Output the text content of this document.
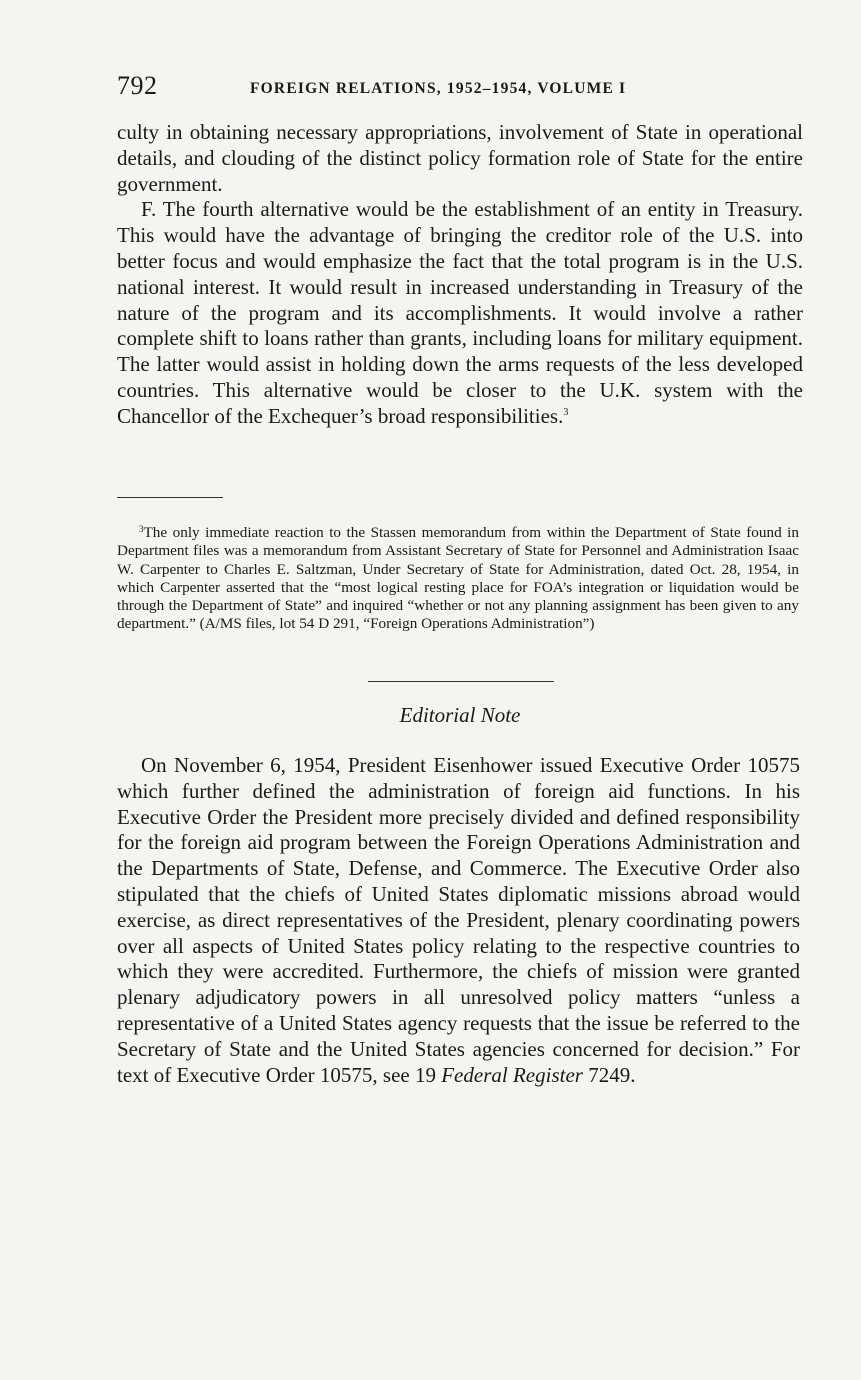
792	FOREIGN RELATIONS, 1952–1954, VOLUME I

culty in obtaining necessary appropriations, involvement of State in operational details, and clouding of the distinct policy formation role of State for the entire government.

F. The fourth alternative would be the establishment of an entity in Treasury. This would have the advantage of bringing the creditor role of the U.S. into better focus and would emphasize the fact that the total program is in the U.S. national interest. It would result in increased understanding in Treasury of the nature of the program and its accomplishments. It would involve a rather complete shift to loans rather than grants, including loans for military equipment. The latter would assist in holding down the arms requests of the less developed countries. This alternative would be closer to the U.K. system with the Chancellor of the Exchequer’s broad responsibilities.$^3$

$^3$The only immediate reaction to the Stassen memorandum from within the Department of State found in Department files was a memorandum from Assistant Secretary of State for Personnel and Administration Isaac W. Carpenter to Charles E. Saltzman, Under Secretary of State for Administration, dated Oct. 28, 1954, in which Carpenter asserted that the “most logical resting place for FOA’s integration or liquidation would be through the Department of State” and inquired “whether or not any planning assignment has been given to any department.” (A/MS files, lot 54 D 291, “Foreign Operations Administration”)

Editorial Note

On November 6, 1954, President Eisenhower issued Executive Order 10575 which further defined the administration of foreign aid functions. In his Executive Order the President more precisely divided and defined responsibility for the foreign aid program between the Foreign Operations Administration and the Departments of State, Defense, and Commerce. The Executive Order also stipulated that the chiefs of United States diplomatic missions abroad would exercise, as direct representatives of the President, plenary coordinating powers over all aspects of United States policy relating to the respective countries to which they were accredited. Furthermore, the chiefs of mission were granted plenary adjudicatory powers in all unresolved policy matters “unless a representative of a United States agency requests that the issue be referred to the Secretary of State and the United States agencies concerned for decision.” For text of Executive Order 10575, see 19 Federal Register 7249.
